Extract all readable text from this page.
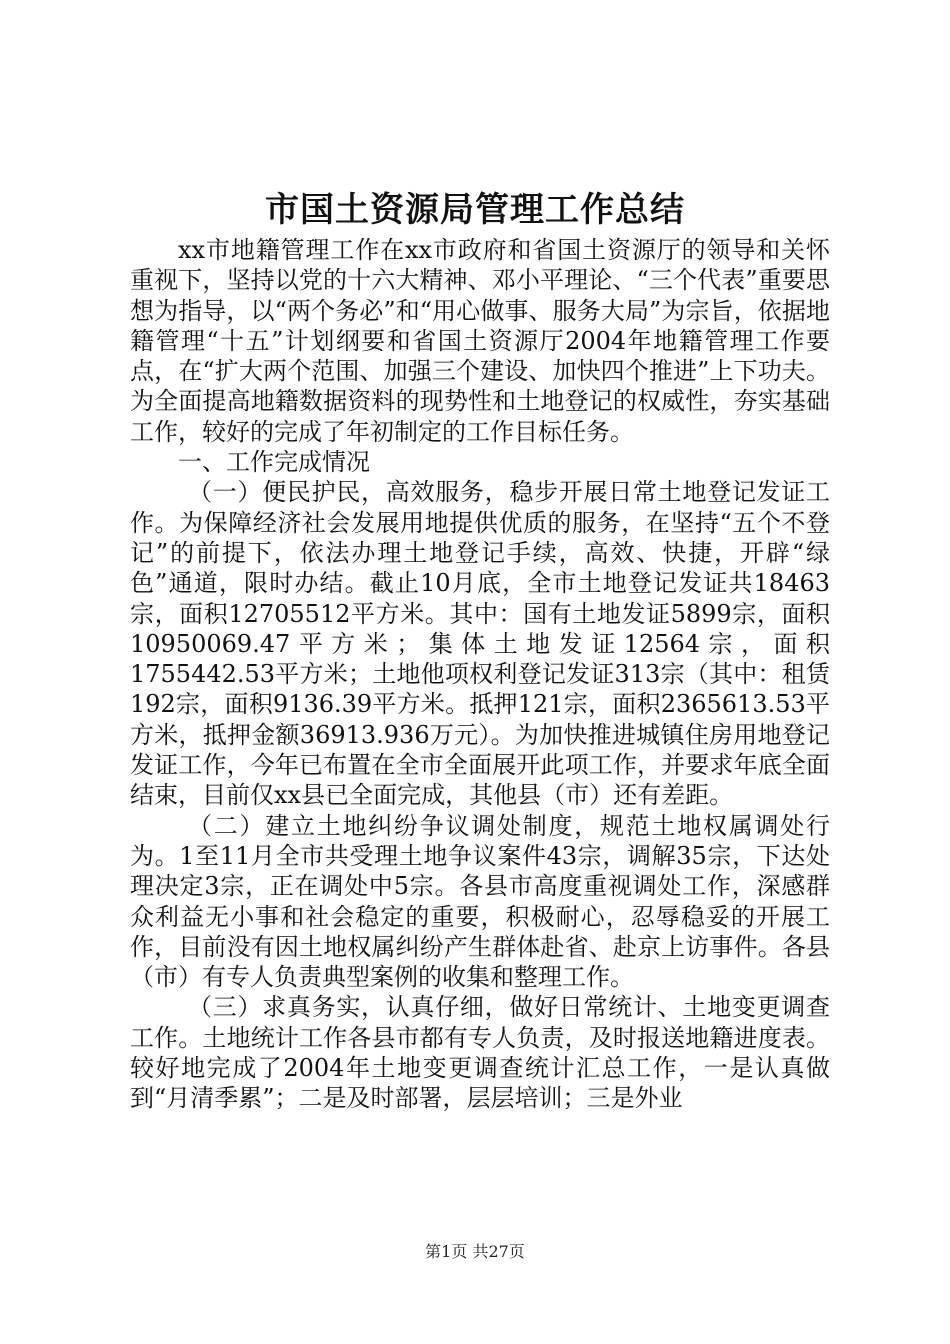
市国土资源局管理工作总结

xx市地籍管理工作在xx市政府和省国土资源厅的领导和关怀重视下，坚持以党的十六大精神、邓小平理论、“三个代表”重要思想为指导，以“两个务必”和“用心做事、服务大局”为宗旨，依据地籍管理“十五”计划纲要和省国土资源厅2004年地籍管理工作要点，在“扩大两个范围、加强三个建设、加快四个推进”上下功夫。为全面提高地籍数据资料的现势性和土地登记的权威性，夯实基础工作，较好的完成了年初制定的工作目标任务。

一、工作完成情况

（一）便民护民，高效服务，稳步开展日常土地登记发证工作。为保障经济社会发展用地提供优质的服务，在坚持“五个不登记”的前提下，依法办理土地登记手续，高效、快捷，开辟“绿色”通道，限时办结。截止10月底，全市土地登记发证共18463宗，面积12705512平方米。其中：国有土地发证5899宗，面积10950069.47平方米；集体土地发证12564宗，面积1755442.53平方米；土地他项权利登记发证313宗（其中：租赁192宗，面积9136.39平方米。抵押121宗，面积2365613.53平方米，抵押金额36913.936万元）。为加快推进城镇住房用地登记发证工作，今年已布置在全市全面展开此项工作，并要求年底全面结束，目前仅xx县已全面完成，其他县（市）还有差距。

（二）建立土地纠纷争议调处制度，规范土地权属调处行为。1至11月全市共受理土地争议案件43宗，调解35宗，下达处理决定3宗，正在调处中5宗。各县市高度重视调处工作，深感群众利益无小事和社会稳定的重要，积极耐心，忍辱稳妥的开展工作，目前没有因土地权属纠纷产生群体赴省、赴京上访事件。各县（市）有专人负责典型案例的收集和整理工作。

（三）求真务实，认真仔细，做好日常统计、土地变更调查工作。土地统计工作各县市都有专人负责，及时报送地籍进度表。较好地完成了2004年土地变更调查统计汇总工作，一是认真做到“月清季累”；二是及时部署，层层培训；三是外业

第1页 共27页
